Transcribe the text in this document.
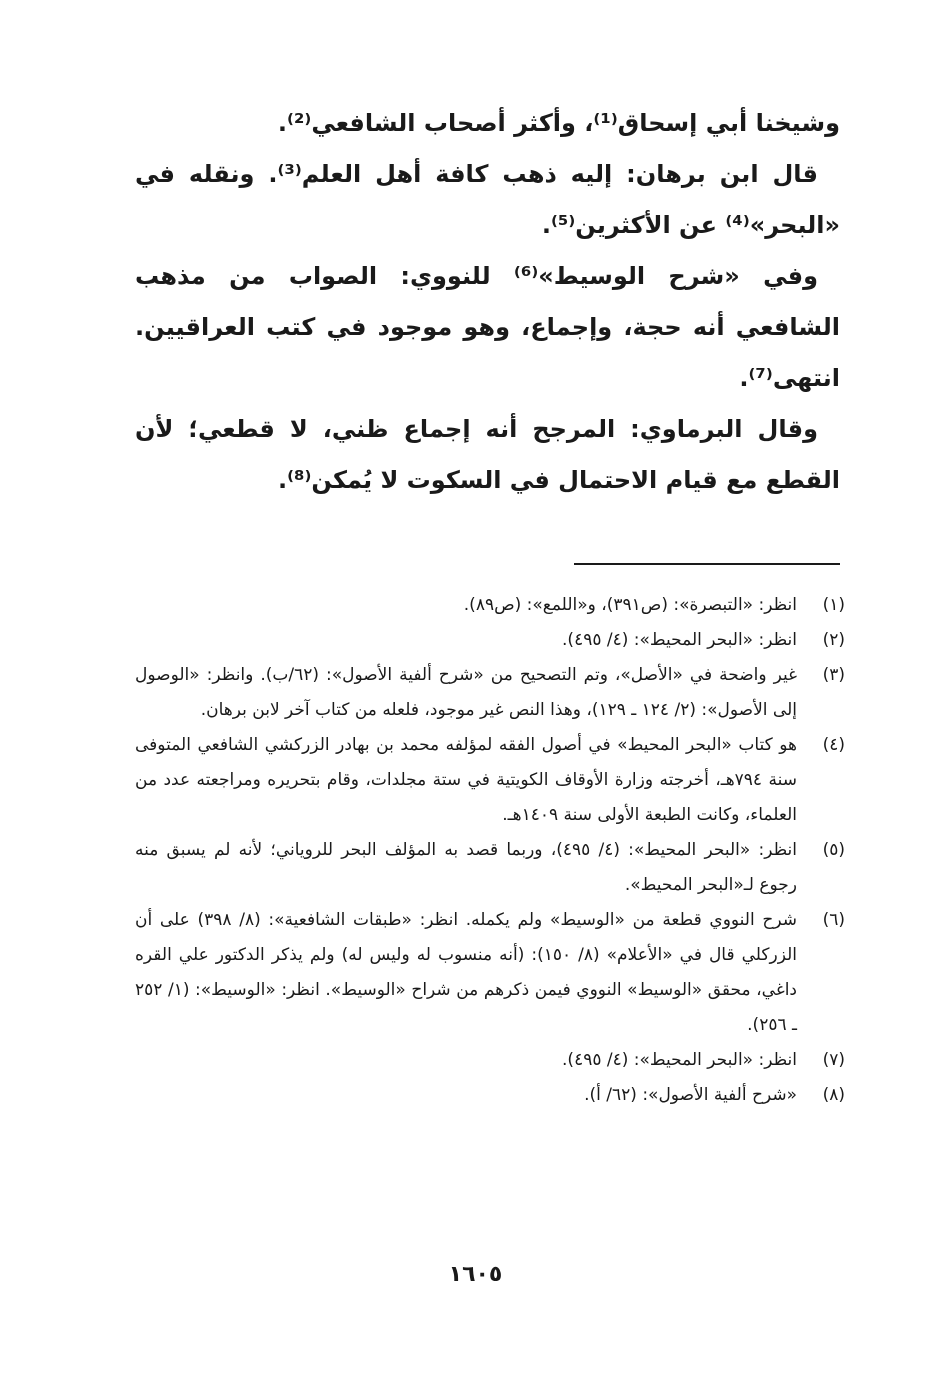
وشيخنا أبي إسحاق⁽¹⁾، وأكثر أصحاب الشافعي⁽²⁾.

قال ابن برهان: إليه ذهب كافة أهل العلم⁽³⁾. ونقله في «البحر»⁽⁴⁾ عن الأكثرين⁽⁵⁾.

وفي «شرح الوسيط»⁽⁶⁾ للنووي: الصواب من مذهب الشافعي أنه حجة، وإجماع، وهو موجود في كتب العراقيين. انتهى⁽⁷⁾.

وقال البرماوي: المرجح أنه إجماع ظني، لا قطعي؛ لأن القطع مع قيام الاحتمال في السكوت لا يُمكن⁽⁸⁾.

(١)
انظر: «التبصرة»: (ص٣٩١)، و«اللمع»: (ص٨٩).
(٢)
انظر: «البحر المحيط»: (٤/ ٤٩٥).
(٣)
غير واضحة في «الأصل»، وتم التصحيح من «شرح ألفية الأصول»: (٦٢/ب). وانظر: «الوصول إلى الأصول»: (٢/ ١٢٤ ـ ١٢٩)، وهذا النص غير موجود، فلعله من كتاب آخر لابن برهان.
(٤)
هو كتاب «البحر المحيط» في أصول الفقه لمؤلفه محمد بن بهادر الزركشي الشافعي المتوفى سنة ٧٩٤هـ، أخرجته وزارة الأوقاف الكويتية في ستة مجلدات، وقام بتحريره ومراجعته عدد من العلماء، وكانت الطبعة الأولى سنة ١٤٠٩هـ.
(٥)
انظر: «البحر المحيط»: (٤/ ٤٩٥)، وربما قصد به المؤلف البحر للروياني؛ لأنه لم يسبق منه رجوع لـ«البحر المحيط».
(٦)
شرح النووي قطعة من «الوسيط» ولم يكمله. انظر: «طبقات الشافعية»: (٨/ ٣٩٨) على أن الزركلي قال في «الأعلام» (٨/ ١٥٠): (أنه منسوب له وليس له) ولم يذكر الدكتور علي القره داغي، محقق «الوسيط» النووي فيمن ذكرهم من شراح «الوسيط». انظر: «الوسيط»: (١/ ٢٥٢ ـ ٢٥٦).
(٧)
انظر: «البحر المحيط»: (٤/ ٤٩٥).
(٨)
«شرح ألفية الأصول»: (٦٢/ أ).
١٦٠٥
